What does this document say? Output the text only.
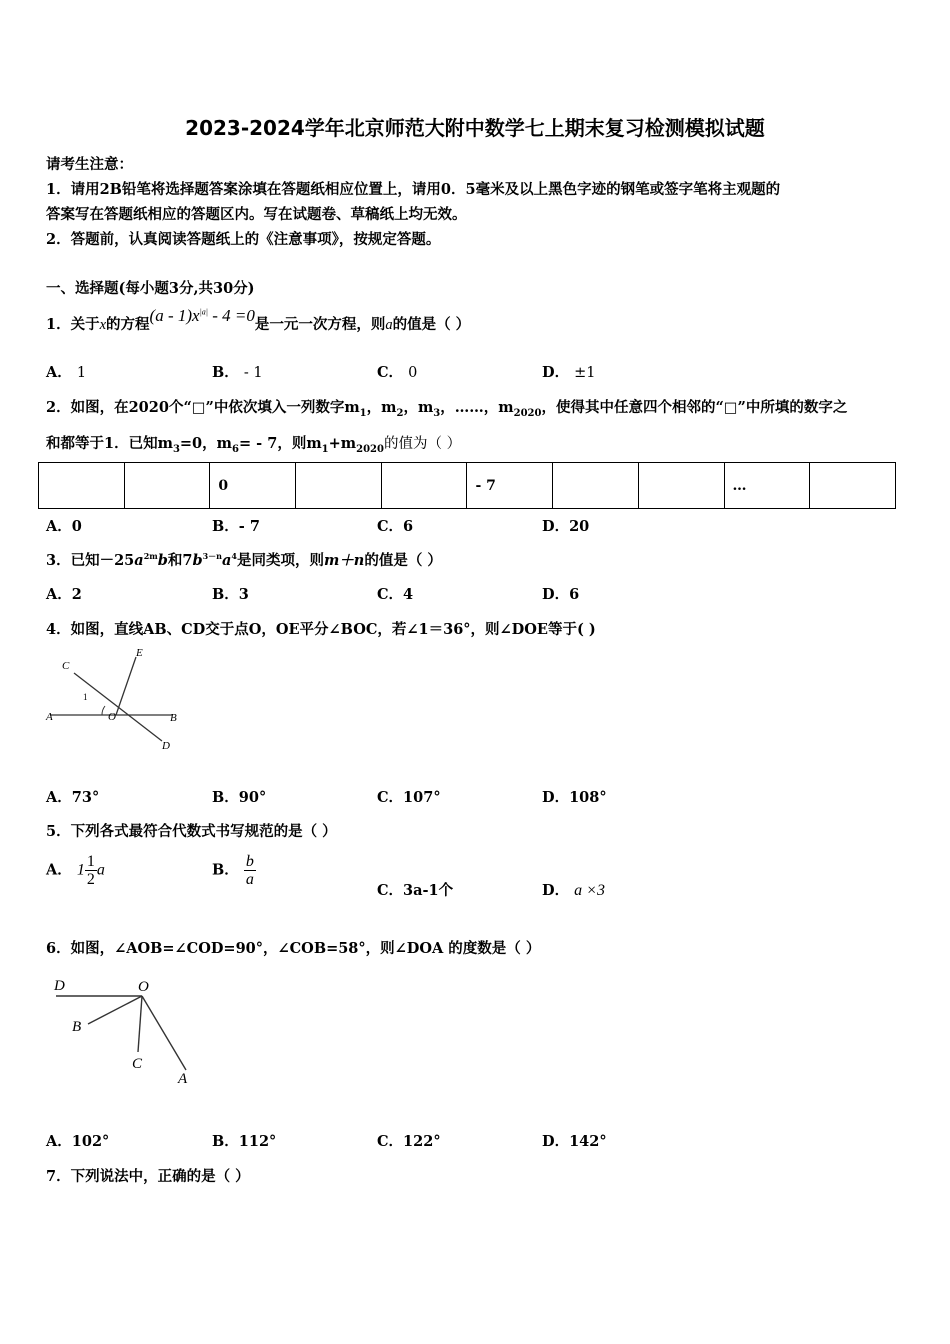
2023-2024学年北京师范大附中数学七上期末复习检测模拟试题
请考生注意：
1．请用2B铅笔将选择题答案涂填在答题纸相应位置上，请用0．5毫米及以上黑色字迹的钢笔或签字笔将主观题的
答案写在答题纸相应的答题区内。写在试题卷、草稿纸上均无效。
2．答题前，认真阅读答题纸上的《注意事项》，按规定答题。
一、选择题(每小题3分,共30分)
1．关于x的方程$(a - 1)x^{|a|} - 4 =0$是一元一次方程，则a的值是（ ）
A． 1	B． - 1	C． 0	D． ±1
2．如图，在2020个“□”中依次填入一列数字$m_1$，$m_2$，$m_3$，……，$m_{2020}$，使得其中任意四个相邻的“□”中所填的数字之
和都等于1．已知$m_3=0$，$m_6= - 7$，则$m_1+m_{2020}$的值为（ ）
		0			- 7			…	
A．0	B．- 7	C．6	D．20
3．已知$-25a^{2m}b$和$7b^{3-n}a^4$是同类项，则m＋n的值是（ ）
A．2	B．3	C．4	D．6
4．如图，直线AB、CD交于点O，OE平分∠BOC，若∠1＝36°，则∠DOE等于( )
A	B
C
D
E
O
1
A．73°	B．90°	C．107°	D．108°
5．下列各式最符合代数式书写规范的是（ ）
A． $1 \frac{1}{2}$ a	B． $\frac{b}{a}$
C．3a-1个	D． a ×3
6．如图，∠AOB=∠COD=90°，∠COB=58°，则∠DOA 的度数是（ ）
D	O
B
C
A
A．102°	B．112°	C．122°	D．142°
7．下列说法中，正确的是（ ）
